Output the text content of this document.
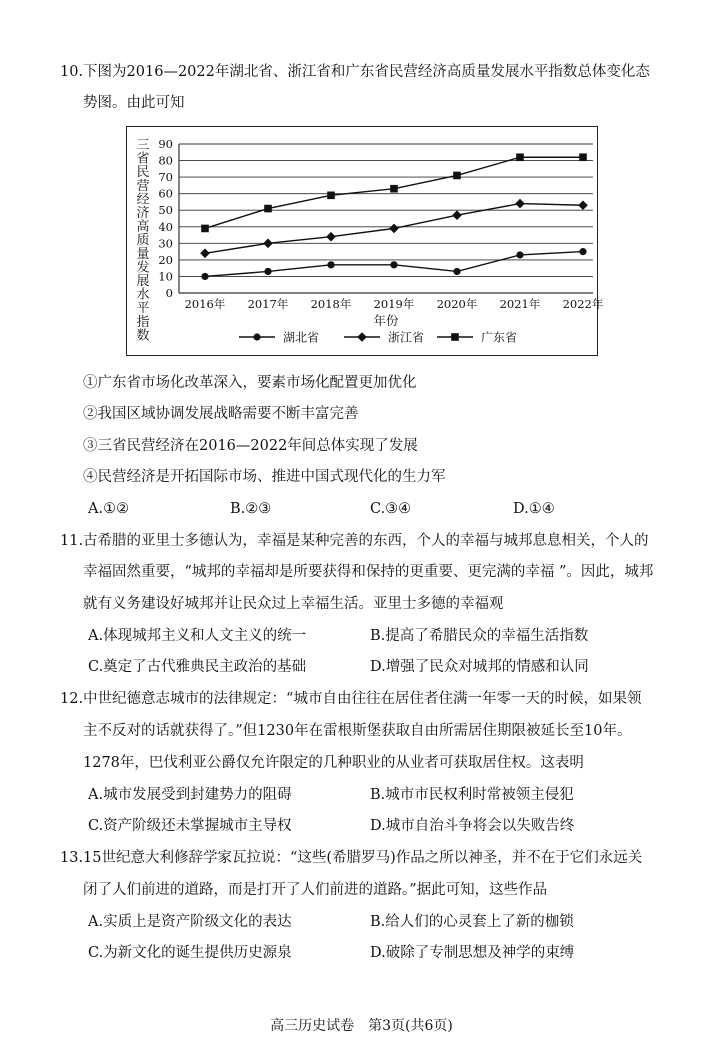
10.下图为2016—2022年湖北省、浙江省和广东省民营经济高质量发展水平指数总体变化态
势图。由此可知
三
省
民
营
经
济
高
质
量
发
展
水
平
指
数
0
10
20
30
40
50
60
70
80
90
2016年 2017年 2018年 2019年 2020年 2021年 2022年
年份
湖北省	浙江省	广东省
①广东省市场化改革深入，要素市场化配置更加优化
②我国区域协调发展战略需要不断丰富完善
③三省民营经济在2016—2022年间总体实现了发展
④民营经济是开拓国际市场、推进中国式现代化的生力军
A.①②	B.②③	C.③④	D.①④
11.古希腊的亚里士多德认为，幸福是某种完善的东西，个人的幸福与城邦息息相关，个人的
幸福固然重要，“城邦的幸福却是所要获得和保持的更重要、更完满的幸福 ”。因此，城邦
就有义务建设好城邦并让民众过上幸福生活。亚里士多德的幸福观
A.体现城邦主义和人文主义的统一	B.提高了希腊民众的幸福生活指数
C.奠定了古代雅典民主政治的基础	D.增强了民众对城邦的情感和认同
12.中世纪德意志城市的法律规定：“城市自由往往在居住者住满一年零一天的时候，如果领
主不反对的话就获得了。”但1230年在雷根斯堡获取自由所需居住期限被延长至10年。
1278年，巴伐利亚公爵仅允许限定的几种职业的从业者可获取居住权。这表明
A.城市发展受到封建势力的阻碍	B.城市市民权利时常被领主侵犯
C.资产阶级还未掌握城市主导权	D.城市自治斗争将会以失败告终
13.15世纪意大利修辞学家瓦拉说：“这些(希腊罗马)作品之所以神圣，并不在于它们永远关
闭了人们前进的道路，而是打开了人们前进的道路。”据此可知，这些作品
A.实质上是资产阶级文化的表达	B.给人们的心灵套上了新的枷锁
C.为新文化的诞生提供历史源泉	D.破除了专制思想及神学的束缚
高三历史试卷　第3页(共6页)
